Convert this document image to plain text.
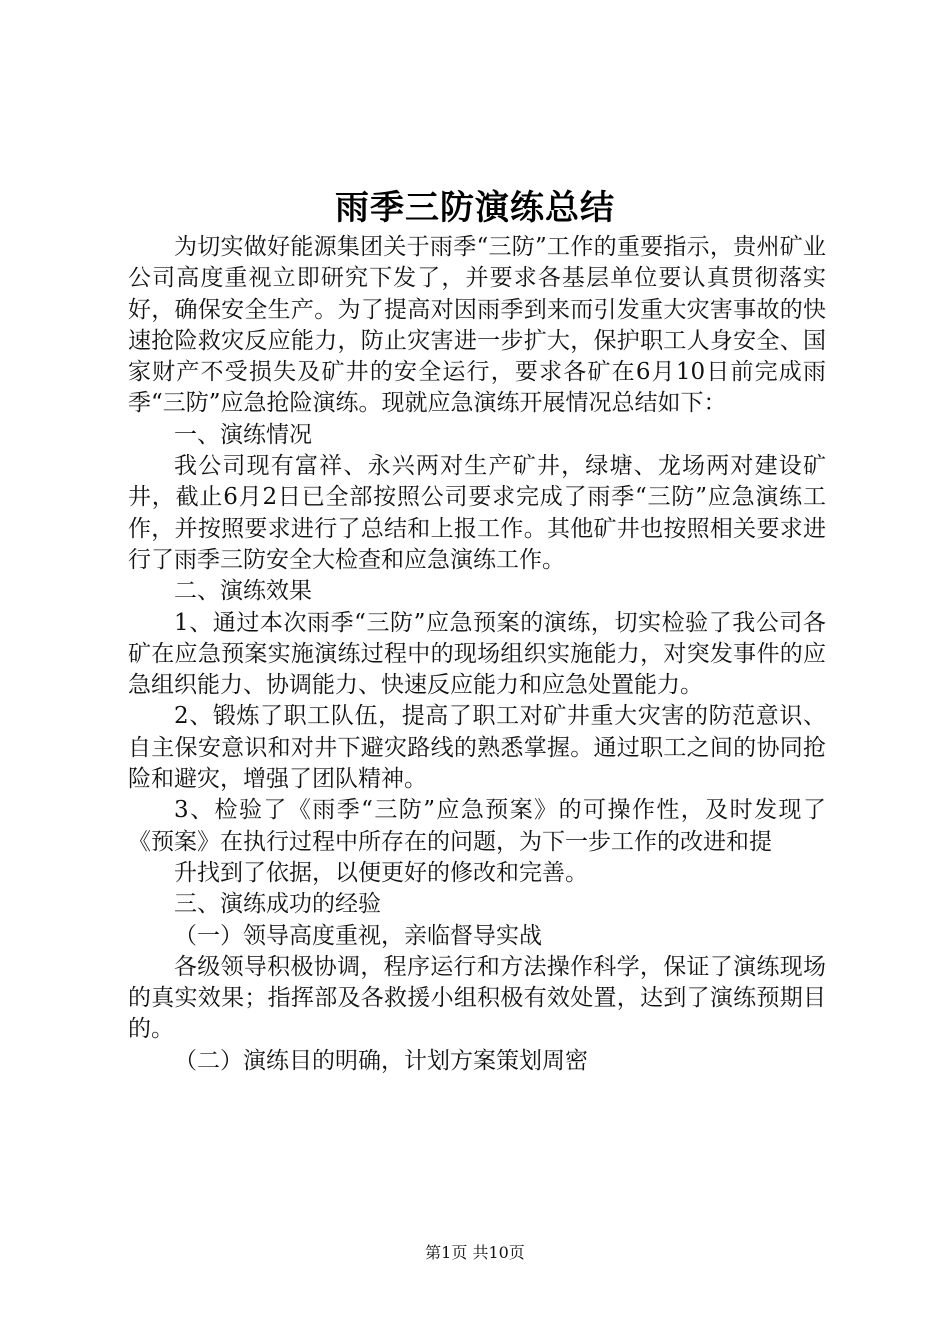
雨季三防演练总结

为切实做好能源集团关于雨季“三防”工作的重要指示，贵州矿业公司高度重视立即研究下发了，并要求各基层单位要认真贯彻落实好，确保安全生产。为了提高对因雨季到来而引发重大灾害事故的快速抢险救灾反应能力，防止灾害进一步扩大，保护职工人身安全、国家财产不受损失及矿井的安全运行，要求各矿在6月10日前完成雨季“三防”应急抢险演练。现就应急演练开展情况总结如下：

一、演练情况

我公司现有富祥、永兴两对生产矿井，绿塘、龙场两对建设矿井，截止6月2日已全部按照公司要求完成了雨季“三防”应急演练工作，并按照要求进行了总结和上报工作。其他矿井也按照相关要求进行了雨季三防安全大检查和应急演练工作。

二、演练效果

1、通过本次雨季“三防”应急预案的演练，切实检验了我公司各矿在应急预案实施演练过程中的现场组织实施能力，对突发事件的应急组织能力、协调能力、快速反应能力和应急处置能力。

2、锻炼了职工队伍，提高了职工对矿井重大灾害的防范意识、自主保安意识和对井下避灾路线的熟悉掌握。通过职工之间的协同抢险和避灾，增强了团队精神。

3、检验了《雨季“三防”应急预案》的可操作性，及时发现了《预案》在执行过程中所存在的问题，为下一步工作的改进和提

升找到了依据，以便更好的修改和完善。

三、演练成功的经验

（一）领导高度重视，亲临督导实战

各级领导积极协调，程序运行和方法操作科学，保证了演练现场的真实效果；指挥部及各救援小组积极有效处置，达到了演练预期目的。

（二）演练目的明确，计划方案策划周密

第1页 共10页
